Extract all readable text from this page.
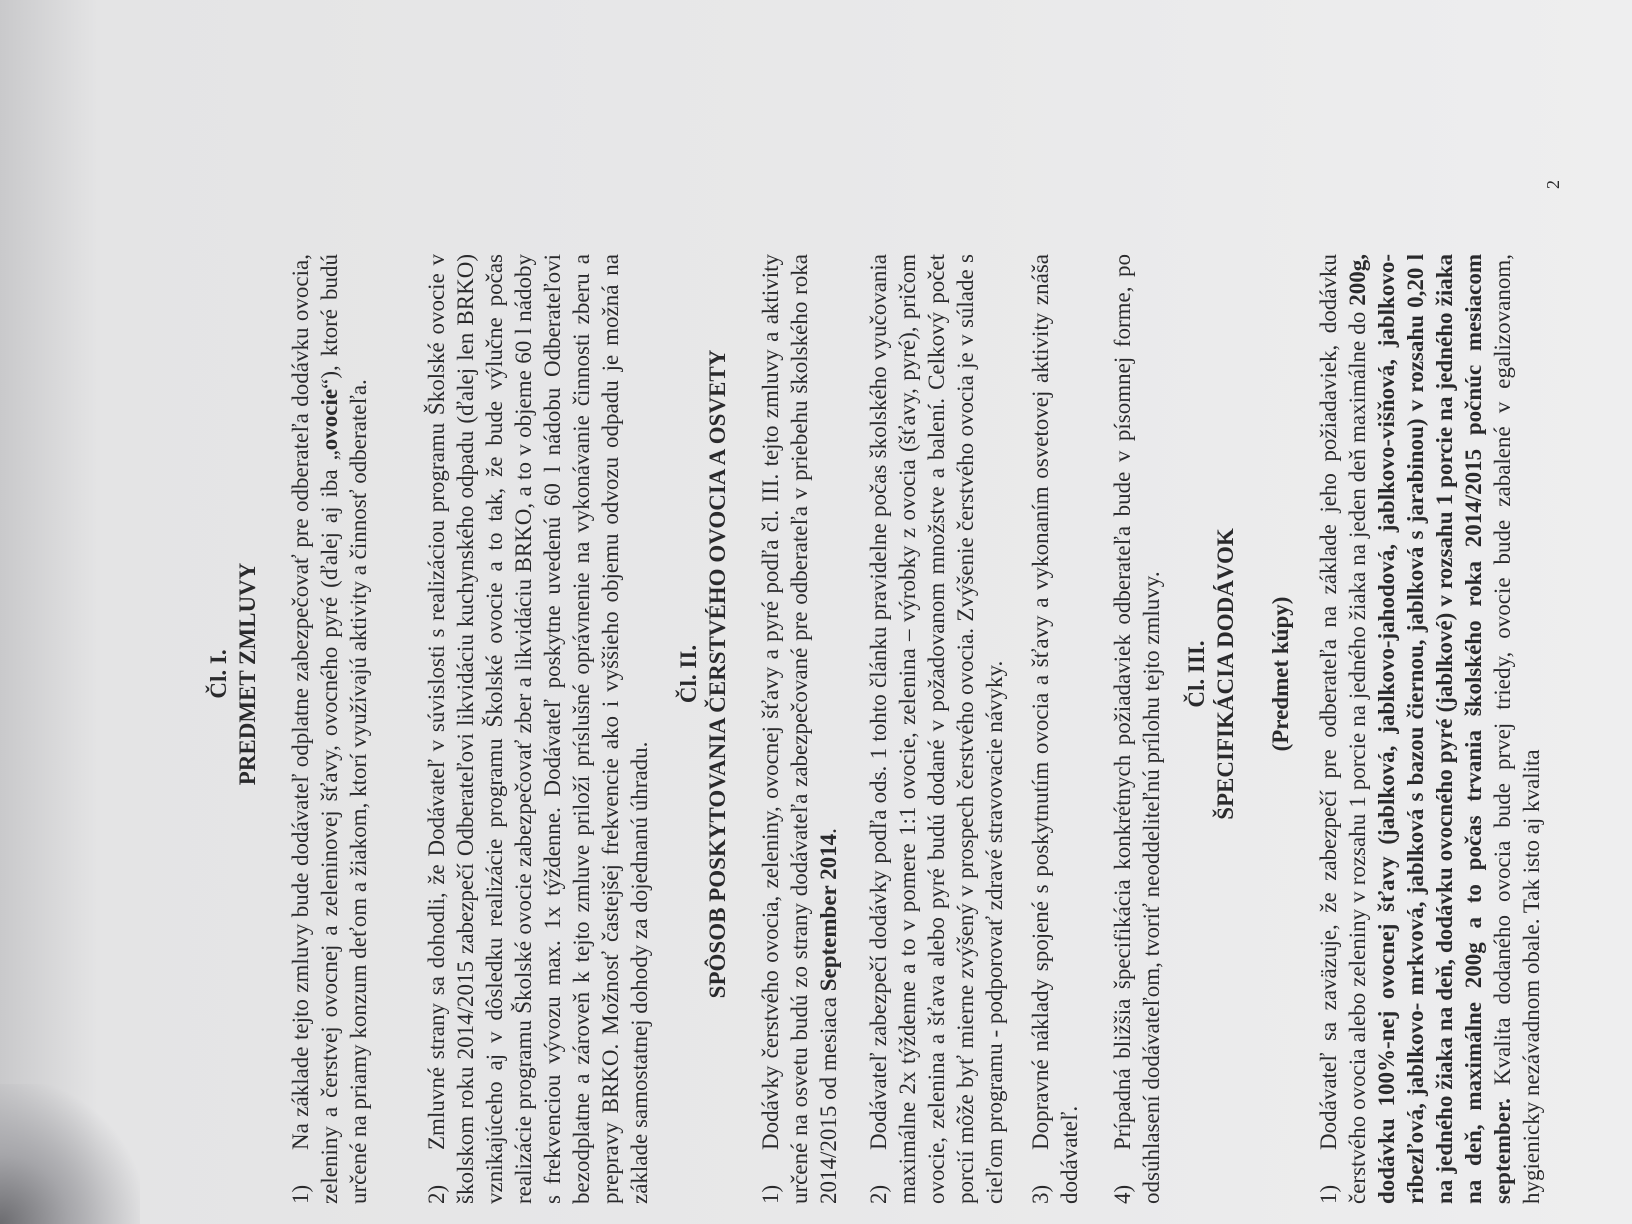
Čl. I. PREDMET ZMLUVY
1)Na základe tejto zmluvy bude dodávateľ odplatne zabezpečovať pre odberateľa dodávku ovocia, zeleniny a čerstvej ovocnej a zeleninovej šťavy, ovocného pyré (ďalej aj iba „ovocie“), ktoré budú určené na priamy konzum deťom a žiakom, ktorí využívajú aktivity a činnosť odberateľa. 2)Zmluvné strany sa dohodli, že Dodávateľ v súvislosti s realizáciou programu Školské ovocie v školskom roku 2014/2015 zabezpečí Odberateľovi likvidáciu kuchynského odpadu (ďalej len BRKO) vznikajúceho aj v dôsledku realizácie programu Školské ovocie a to tak, že bude výlučne počas realizácie programu Školské ovocie zabezpečovať zber a likvidáciu BRKO, a to v objeme 60 l nádoby s frekvenciou vývozu max. 1x týždenne. Dodávateľ poskytne uvedenú 60 l nádobu Odberateľovi bezodplatne a zároveň k tejto zmluve priloží príslušné oprávnenie na vykonávanie činnosti zberu a prepravy BRKO. Možnosť častejšej frekvencie ako i vyššieho objemu odvozu odpadu je možná na základe samostatnej dohody za dojednanú úhradu.
Čl. II. SPÔSOB POSKYTOVANIA ČERSTVÉHO OVOCIA A OSVETY
1)Dodávky čerstvého ovocia, zeleniny, ovocnej šťavy a pyré podľa čl. III. tejto zmluvy a aktivity určené na osvetu budú zo strany dodávateľa zabezpečované pre odberateľa v priebehu školského roka 2014/2015 od mesiaca September 2014.
2)Dodávateľ zabezpečí dodávky podľa ods. 1 tohto článku pravidelne počas školského vyučovania maximálne 2x týždenne a to v pomere 1:1 ovocie, zelenina – výrobky z ovocia (šťavy, pyré), pričom ovocie, zelenina a šťava alebo pyré budú dodané v požadovanom množstve a balení. Celkový počet porcií môže byť mierne zvýšený v prospech čerstvého ovocia. Zvýšenie čerstvého ovocia je v súlade s cieľom programu - podporovať zdravé stravovacie návyky. 3)Dopravné náklady spojené s poskytnutím ovocia a šťavy a vykonaním osvetovej aktivity znáša dodávateľ. 4)Prípadná bližšia špecifikácia konkrétnych požiadaviek odberateľa bude v písomnej forme, po odsúhlasení dodávateľom, tvoriť neoddeliteľnú prílohu tejto zmluvy. Čl. III. ŠPECIFIKÁCIA DODÁVOK (Predmet kúpy)
1)Dodávateľ sa zaväzuje, že zabezpečí pre odberateľa na základe jeho požiadaviek, dodávku čerstvého ovocia alebo zeleniny v rozsahu 1 porcie na jedného žiaka na jeden deň maximálne do 200g, dodávku 100%-nej ovocnej šťavy (jablková, jablkovo-jahodová, jablkovo-višňová, jablkovo- ríbezľová, jablkovo- mrkvová, jablková s bazou čiernou, jablková s jarabinou) v rozsahu 0,20 l na jedného žiaka na deň, dodávku ovocného pyré (jablkové) v rozsahu 1 porcie na jedného žiaka na deň, maximálne 200g a to počas trvania školského roka 2014/2015 počnúc mesiacom september. Kvalita dodaného ovocia bude prvej triedy, ovocie bude zabalené v egalizovanom, hygienicky nezávadnom obale. Tak isto aj kvalita
2
